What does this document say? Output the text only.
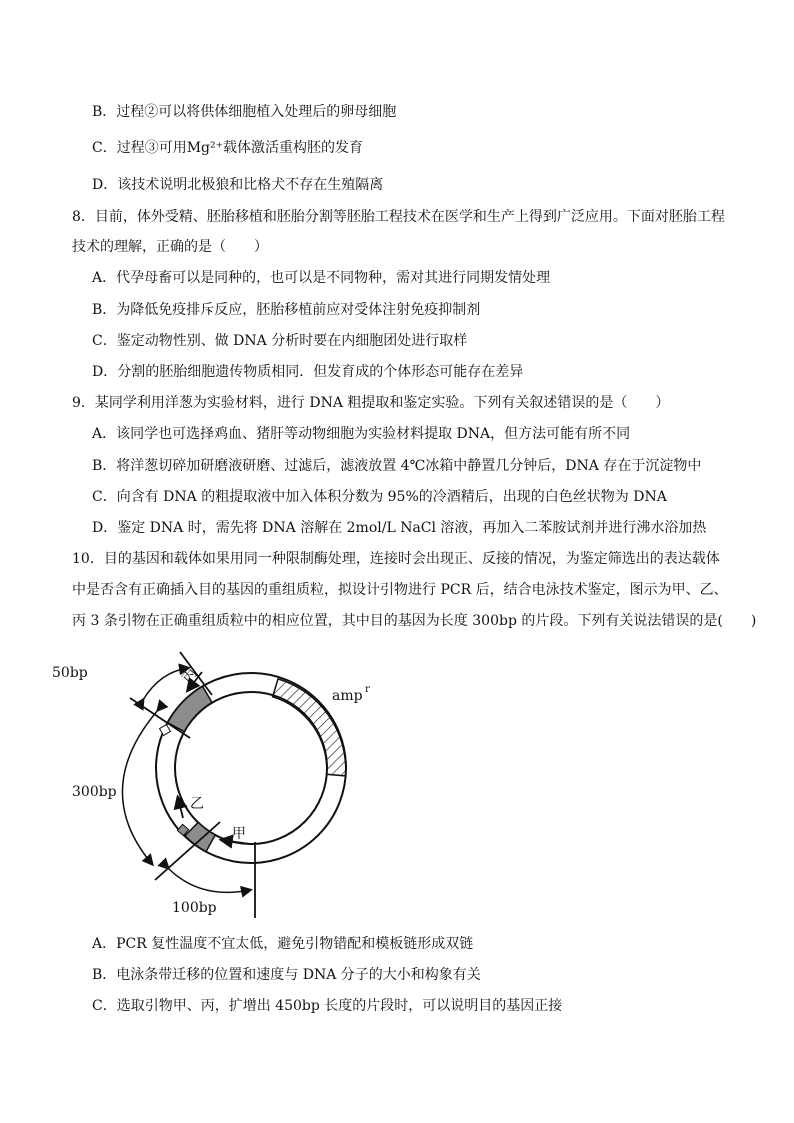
B．过程②可以将供体细胞植入处理后的卵母细胞
C．过程③可用Mg²⁺载体激活重构胚的发育
D．该技术说明北极狼和比格犬不存在生殖隔离
8．目前，体外受精、胚胎移植和胚胎分割等胚胎工程技术在医学和生产上得到广泛应用。下面对胚胎工程
技术的理解，正确的是（　　）
A．代孕母畜可以是同种的，也可以是不同物种，需对其进行同期发情处理
B．为降低免疫排斥反应，胚胎移植前应对受体注射免疫抑制剂
C．鉴定动物性别、做 DNA 分析时要在内细胞团处进行取样
D．分割的胚胎细胞遗传物质相同．但发育成的个体形态可能存在差异
9．某同学利用洋葱为实验材料，进行 DNA 粗提取和鉴定实验。下列有关叙述错误的是（　　）
A．该同学也可选择鸡血、猪肝等动物细胞为实验材料提取 DNA，但方法可能有所不同
B．将洋葱切碎加研磨液研磨、过滤后，滤液放置 4℃冰箱中静置几分钟后，DNA 存在于沉淀物中
C．向含有 DNA 的粗提取液中加入体积分数为 95%的冷酒精后，出现的白色丝状物为 DNA
D．鉴定 DNA 时，需先将 DNA 溶解在 2mol/L NaCl 溶液，再加入二苯胺试剂并进行沸水浴加热
10．目的基因和载体如果用同一种限制酶处理，连接时会出现正、反接的情况，为鉴定筛选出的表达载体
中是否含有正确插入目的基因的重组质粒，拟设计引物进行 PCR 后，结合电泳技术鉴定，图示为甲、乙、
丙 3 条引物在正确重组质粒中的相应位置，其中目的基因为长度 300bp 的片段。下列有关说法错误的是(　　)
50bp
300bp
100bp
amp r
丙
乙
甲
A．PCR 复性温度不宜太低，避免引物错配和模板链形成双链
B．电泳条带迁移的位置和速度与 DNA 分子的大小和构象有关
C．选取引物甲、丙，扩增出 450bp 长度的片段时，可以说明目的基因正接
